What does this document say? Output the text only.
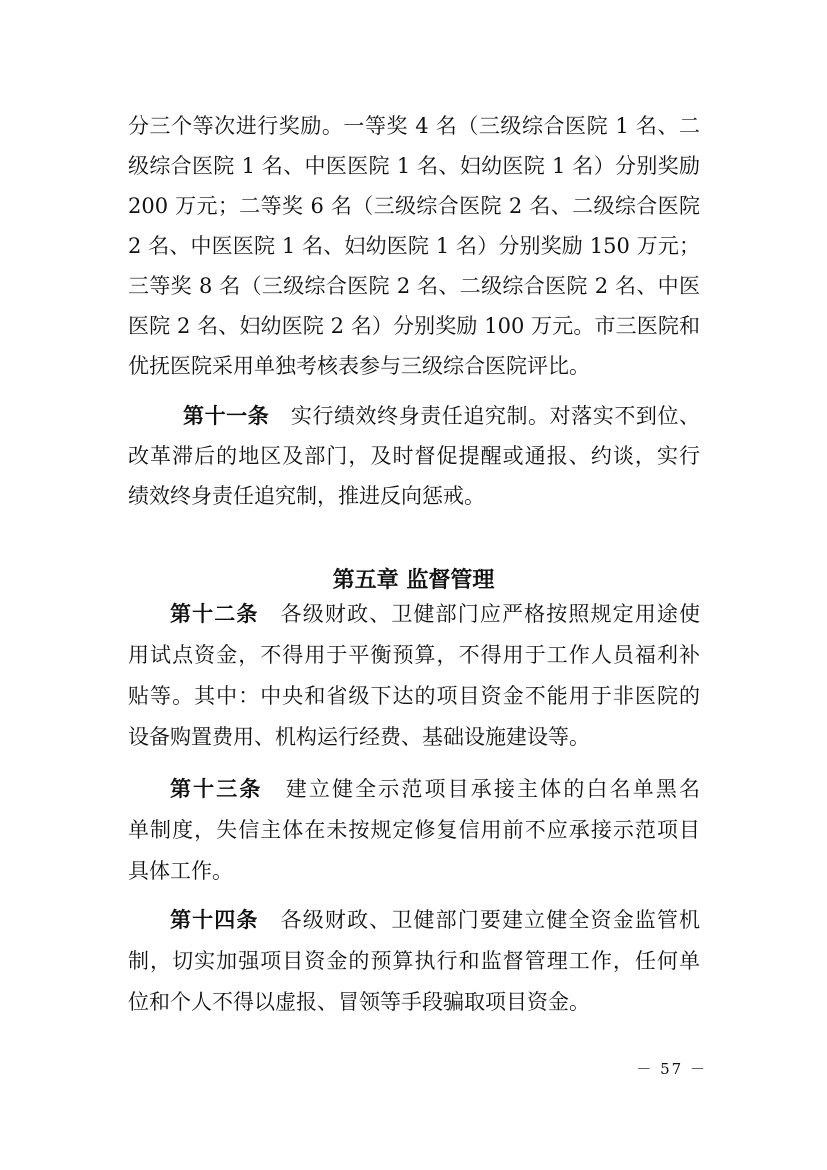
分三个等次进行奖励。一等奖 4 名（三级综合医院 1 名、二
级综合医院 1 名、中医医院 1 名、妇幼医院 1 名）分别奖励
200 万元；二等奖 6 名（三级综合医院 2 名、二级综合医院
2 名、中医医院 1 名、妇幼医院 1 名）分别奖励 150 万元；
三等奖 8 名（三级综合医院 2 名、二级综合医院 2 名、中医
医院 2 名、妇幼医院 2 名）分别奖励 100 万元。市三医院和
优抚医院采用单独考核表参与三级综合医院评比。
第十一条　 实行绩效终身责任追究制。对落实不到位、
改革滞后的地区及部门，及时督促提醒或通报、约谈，实行
绩效终身责任追究制，推进反向惩戒。
第五章 监督管理
第十二条　 各级财政、卫健部门应严格按照规定用途使
用试点资金，不得用于平衡预算，不得用于工作人员福利补
贴等。其中：中央和省级下达的项目资金不能用于非医院的
设备购置费用、机构运行经费、基础设施建设等。
第十三条　 建立健全示范项目承接主体的白名单黑名
单制度，失信主体在未按规定修复信用前不应承接示范项目
具体工作。
第十四条　 各级财政、卫健部门要建立健全资金监管机
制，切实加强项目资金的预算执行和监督管理工作，任何单
位和个人不得以虚报、冒领等手段骗取项目资金。
－ 57 －
